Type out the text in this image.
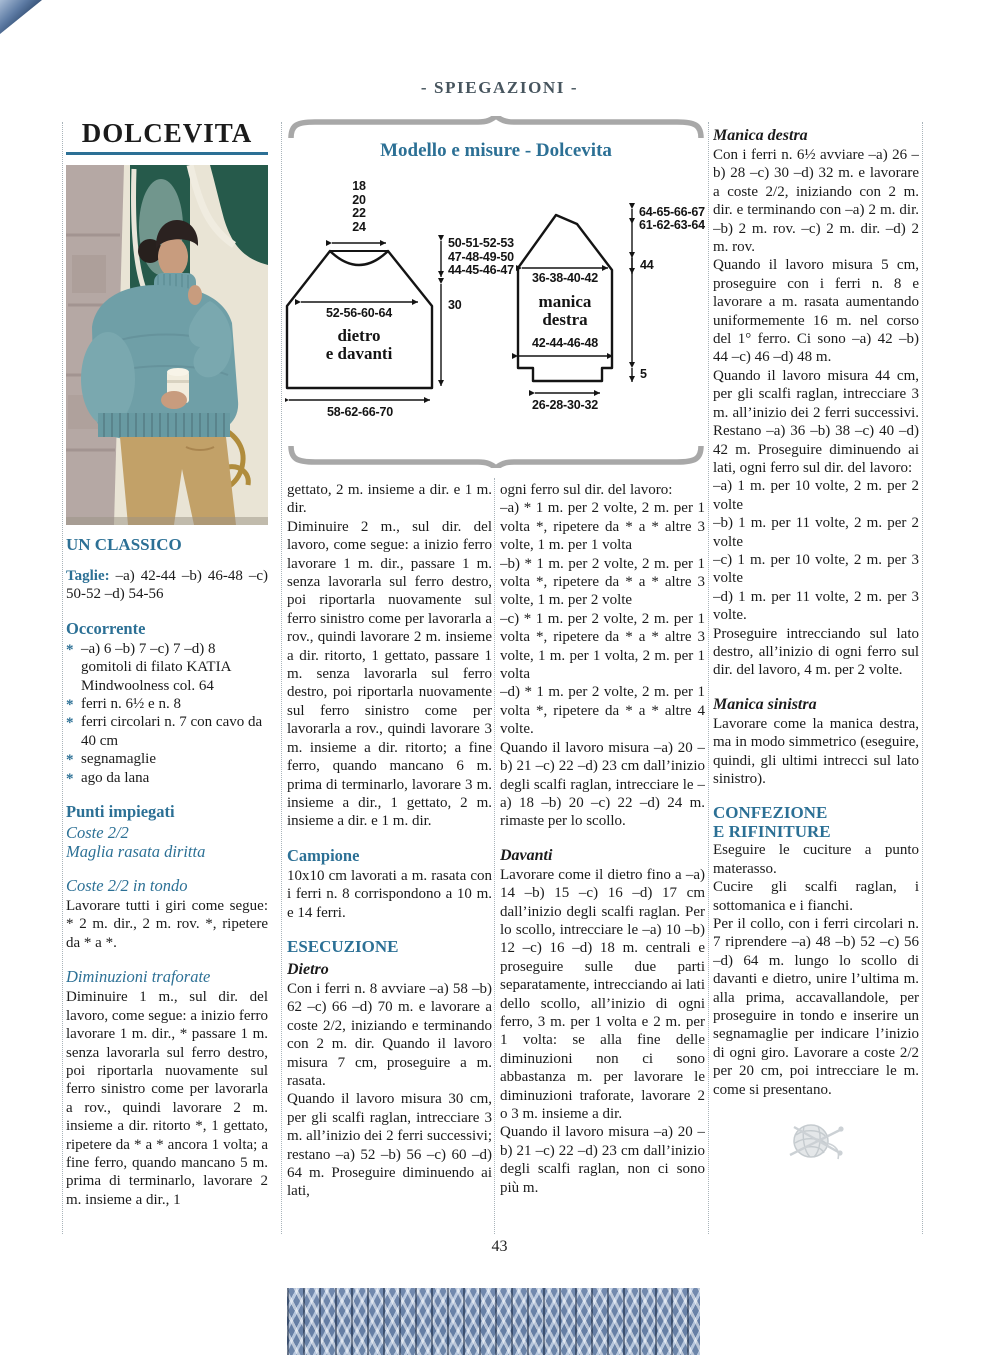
- SPIEGAZIONI -
DOLCEVITA
UN CLASSICO

Taglie: –a) 42-44 –b) 46-48 –c) 50-52 –d) 54-56

Occorrente
* –a) 6 –b) 7 –c) 7 –d) 8 gomitoli di filato KATIA Mindwoolness col. 64
* ferri n. 6½ e n. 8
* ferri circolari n. 7 con cavo da 40 cm
* segnamaglie
* ago da lana
Punti impiegati
Coste 2/2
Maglia rasata diritta
Coste 2/2 in tondo

Lavorare tutti i giri come segue: * 2 m. dir., 2 m. rov. *, ripetere da * a *.

Diminuzioni traforate

Diminuire 1 m., sul dir. del lavoro, come segue: a inizio ferro lavorare 1 m. dir., * passare 1 m. senza lavorarla sul ferro destro, poi riportarla nuovamente sul ferro sinistro come per lavorarla a rov., quindi lavorare 2 m. insieme a dir. ritorto *, 1 gettato, ripetere da * a * ancora 1 volta; a fine ferro, quando mancano 5 m. prima di terminarlo, lavorare 2 m. insieme a dir., 1

Modello e misure - Dolcevita
18
20
22
24
50-51-52-53
47-48-49-50
44-45-46-47
30
52-56-60-64
dietro
e davanti
58-62-66-70
36-38-40-42
manica
destra
42-44-46-48
26-28-30-32
64-65-66-67
61-62-63-64
44
5

gettato, 2 m. insieme a dir. e 1 m. dir.

Diminuire 2 m., sul dir. del lavoro, come segue: a inizio ferro lavorare 1 m. dir., passare 1 m. senza lavorarla sul ferro destro, poi riportarla nuovamente sul ferro sinistro come per lavorarla a rov., quindi lavorare 2 m. insieme a dir. ritorto, 1 gettato, passare 1 m. senza lavorarla sul ferro destro, poi riportarla nuovamente sul ferro sinistro come per lavorarla a rov., quindi lavorare 3 m. insieme a dir. ritorto; a fine ferro, quando mancano 6 m. prima di terminarlo, lavorare 3 m. insieme a dir., 1 gettato, 2 m. insieme a dir. e 1 m. dir.

Campione

10x10 cm lavorati a m. rasata con i ferri n. 8 corrispondono a 10 m. e 14 ferri.

ESECUZIONE
Dietro

Con i ferri n. 8 avviare –a) 58 –b) 62 –c) 66 –d) 70 m. e lavorare a coste 2/2, iniziando e terminando con 2 m. dir. Quando il lavoro misura 7 cm, proseguire a m. rasata.

Quando il lavoro misura 30 cm, per gli scalfi raglan, intrecciare 3 m. all’inizio dei 2 ferri successivi; restano –a) 52 –b) 56 –c) 60 –d) 64 m. Proseguire diminuendo ai lati,

ogni ferro sul dir. del lavoro:

–a) * 1 m. per 2 volte, 2 m. per 1 volta *, ripetere da * a * altre 3 volte, 1 m. per 1 volta

–b) * 1 m. per 2 volte, 2 m. per 1 volta *, ripetere da * a * altre 3 volte, 1 m. per 2 volte

–c) * 1 m. per 2 volte, 2 m. per 1 volta *, ripetere da * a * altre 3 volte, 1 m. per 1 volta, 2 m. per 1 volta

–d) * 1 m. per 2 volte, 2 m. per 1 volta *, ripetere da * a * altre 4 volte.

Quando il lavoro misura –a) 20 –b) 21 –c) 22 –d) 23 cm dall’inizio degli scalfi raglan, intrecciare le –a) 18 –b) 20 –c) 22 –d) 24 m. rimaste per lo scollo.

Davanti

Lavorare come il dietro fino a –a) 14 –b) 15 –c) 16 –d) 17 cm dall’inizio degli scalfi raglan. Per lo scollo, intrecciare le –a) 10 –b) 12 –c) 16 –d) 18 m. centrali e proseguire sulle due parti separatamente, intrecciando ai lati dello scollo, all’inizio di ogni ferro, 3 m. per 1 volta e 2 m. per 1 volta: se alla fine delle diminuzioni non ci sono abbastanza m. per lavorare le diminuzioni traforate, lavorare 2 o 3 m. insieme a dir.

Quando il lavoro misura –a) 20 –b) 21 –c) 22 –d) 23 cm dall’inizio degli scalfi raglan, non ci sono più m.

Manica destra

Con i ferri n. 6½ avviare –a) 26 –b) 28 –c) 30 –d) 32 m. e lavorare a coste 2/2, iniziando con 2 m. dir. e terminando con –a) 2 m. dir. –b) 2 m. rov. –c) 2 m. dir. –d) 2 m. rov.

Quando il lavoro misura 5 cm, proseguire con i ferri n. 8 e lavorare a m. rasata aumentando uniformemente 16 m. nel corso del 1° ferro. Ci sono –a) 42 –b) 44 –c) 46 –d) 48 m.

Quando il lavoro misura 44 cm, per gli scalfi raglan, intrecciare 3 m. all’inizio dei 2 ferri successivi. Restano –a) 36 –b) 38 –c) 40 –d) 42 m. Proseguire diminuendo ai lati, ogni ferro sul dir. del lavoro:

–a) 1 m. per 10 volte, 2 m. per 2 volte

–b) 1 m. per 11 volte, 2 m. per 2 volte

–c) 1 m. per 10 volte, 2 m. per 3 volte

–d) 1 m. per 11 volte, 2 m. per 3 volte.

Proseguire intrecciando sul lato destro, all’inizio di ogni ferro sul dir. del lavoro, 4 m. per 2 volte.

Manica sinistra

Lavorare come la manica destra, ma in modo simmetrico (eseguire, quindi, gli ultimi intrecci sul lato sinistro).

CONFEZIONE
E RIFINITURE

Eseguire le cuciture a punto materasso.

Cucire gli scalfi raglan, i sottomanica e i fianchi.

Per il collo, con i ferri circolari n. 7 riprendere –a) 48 –b) 52 –c) 56 –d) 64 m. lungo lo scollo di davanti e dietro, unire l’ultima m. alla prima, accavallandole, per proseguire in tondo e inserire un segnamaglie per indicare l’inizio di ogni giro. Lavorare a coste 2/2 per 20 cm, poi intrecciare le m. come si presentano.

43
